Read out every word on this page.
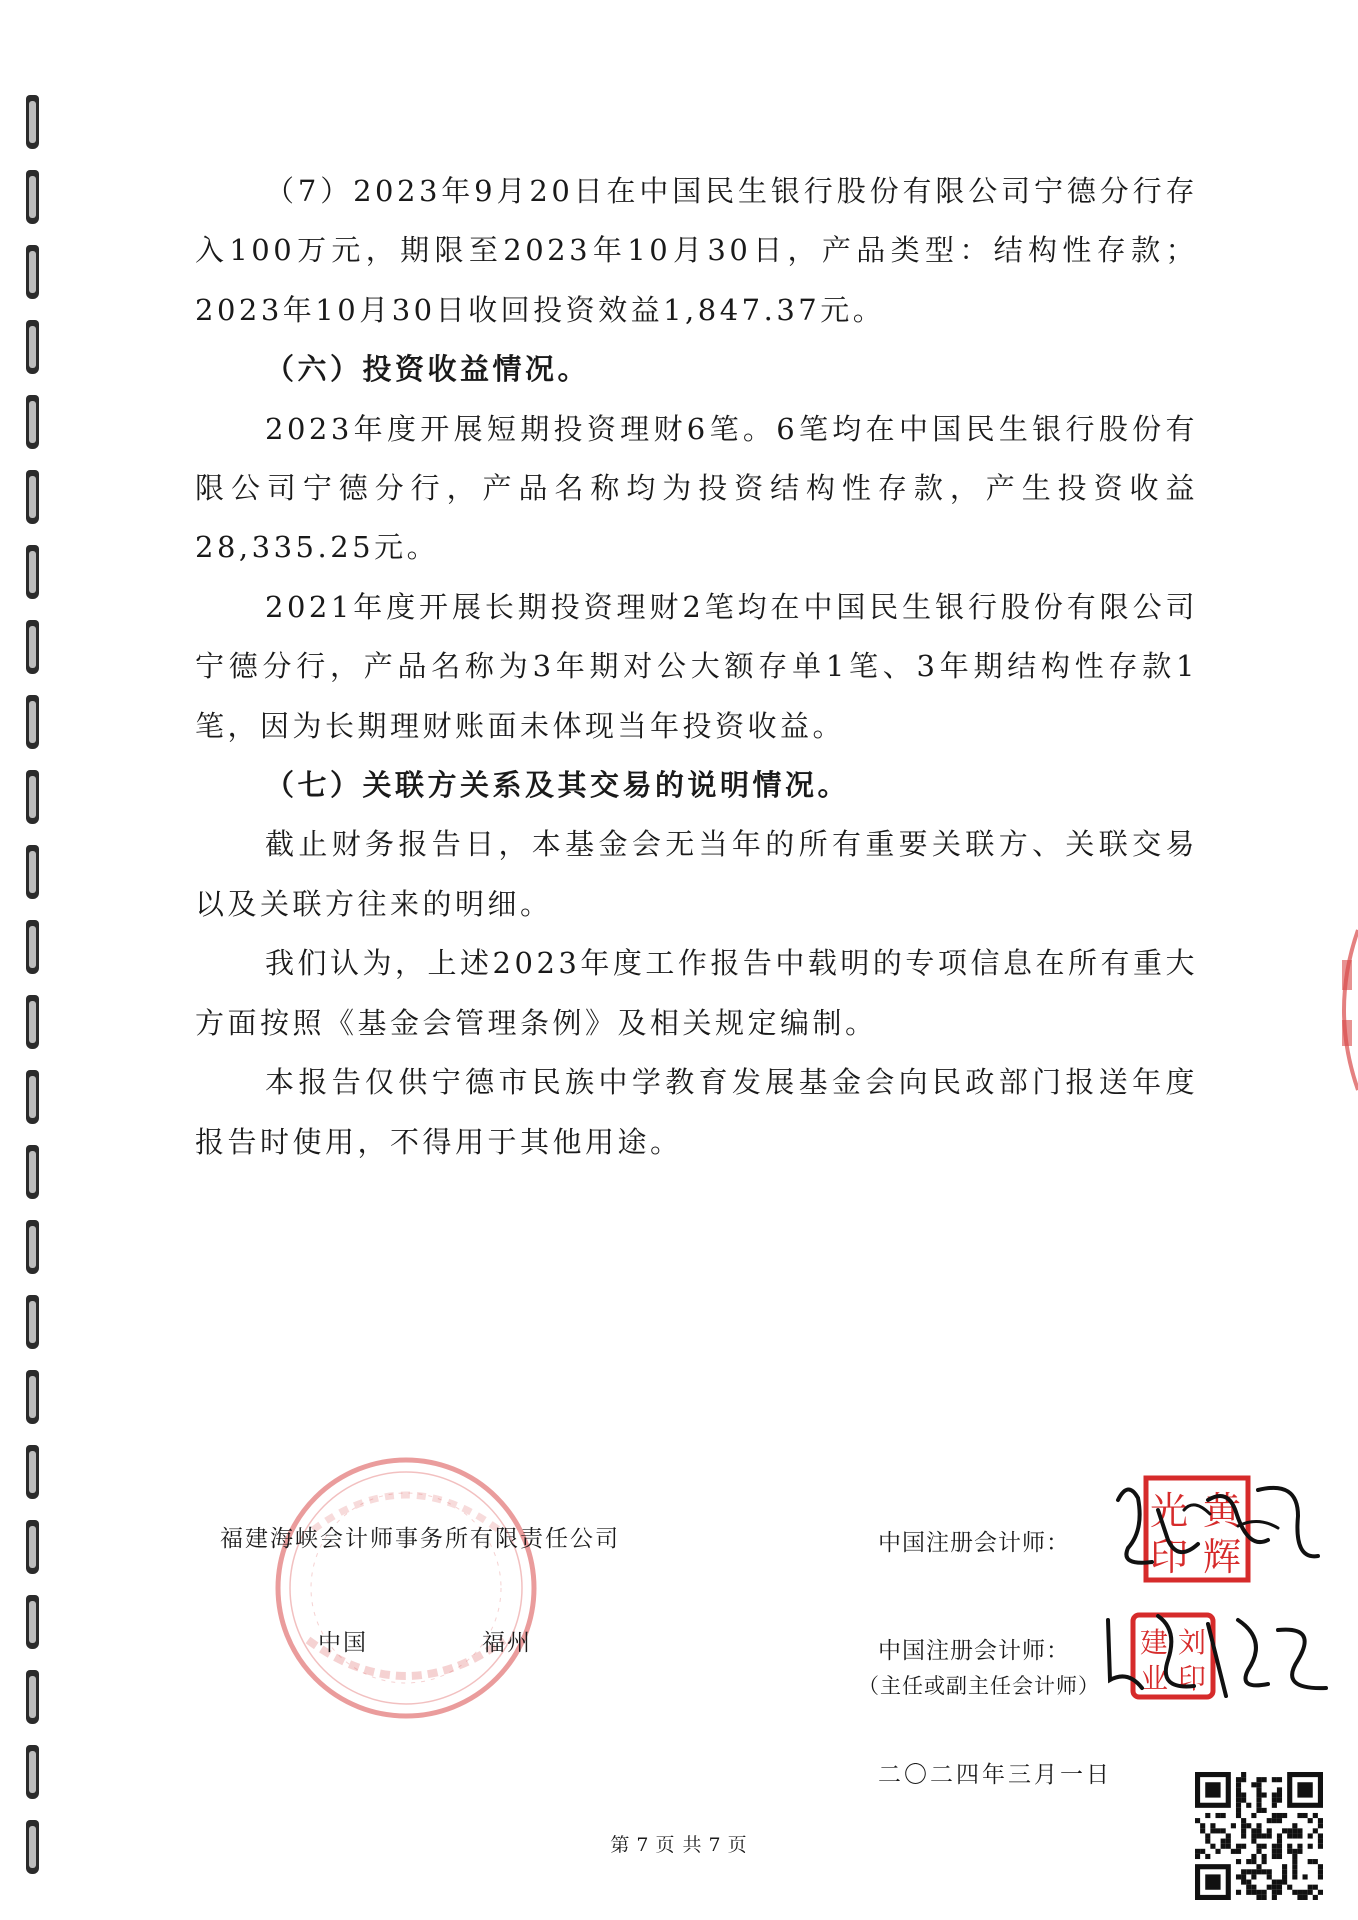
（7）2023年9月20日在中国民生银行股份有限公司宁德分行存入100万元，期限至2023年10月30日，产品类型：结构性存款；2023年10月30日收回投资效益1,847.37元。

（六）投资收益情况。

2023年度开展短期投资理财6笔。6笔均在中国民生银行股份有限公司宁德分行，产品名称均为投资结构性存款，产生投资收益28,335.25元。

2021年度开展长期投资理财2笔均在中国民生银行股份有限公司宁德分行，产品名称为3年期对公大额存单1笔、3年期结构性存款1笔，因为长期理财账面未体现当年投资收益。

（七）关联方关系及其交易的说明情况。

截止财务报告日，本基金会无当年的所有重要关联方、关联交易以及关联方往来的明细。

我们认为，上述2023年度工作报告中载明的专项信息在所有重大方面按照《基金会管理条例》及相关规定编制。

本报告仅供宁德市民族中学教育发展基金会向民政部门报送年度报告时使用，不得用于其他用途。

福建海峡会计师事务所有限责任公司
中国	福州
中国注册会计师：
中国注册会计师：
（主任或副主任会计师）
光 黄
印 辉
建 刘
业 印
二〇二四年三月一日
第 7 页 共 7 页
